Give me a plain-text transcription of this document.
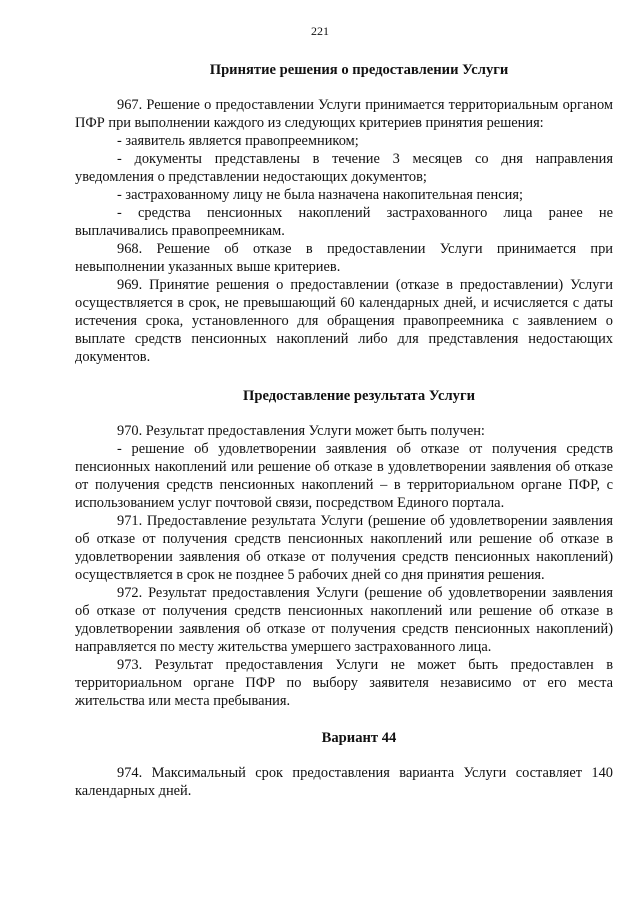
221
Принятие решения о предоставлении Услуги

967. Решение о предоставлении Услуги принимается территориальным органом ПФР при выполнении каждого из следующих критериев принятия решения:

- заявитель является правопреемником;

- документы представлены в течение 3 месяцев со дня направления уведомления о представлении недостающих документов;

- застрахованному лицу не была назначена накопительная пенсия;

- средства пенсионных накоплений застрахованного лица ранее не выплачивались правопреемникам.

968. Решение об отказе в предоставлении Услуги принимается при невыполнении указанных выше критериев.

969. Принятие решения о предоставлении (отказе в предоставлении) Услуги осуществляется в срок, не превышающий 60 календарных дней, и исчисляется с даты истечения срока, установленного для обращения правопреемника с заявлением о выплате средств пенсионных накоплений либо для представления недостающих документов.

Предоставление результата Услуги

970. Результат предоставления Услуги может быть получен:

- решение об удовлетворении заявления об отказе от получения средств пенсионных накоплений или решение об отказе в удовлетворении заявления об отказе от получения средств пенсионных накоплений – в территориальном органе ПФР, с использованием услуг почтовой связи, посредством Единого портала.

971. Предоставление результата Услуги (решение об удовлетворении заявления об отказе от получения средств пенсионных накоплений или решение об отказе в удовлетворении заявления об отказе от получения средств пенсионных накоплений) осуществляется в срок не позднее 5 рабочих дней со дня принятия решения.

972. Результат предоставления Услуги (решение об удовлетворении заявления об отказе от получения средств пенсионных накоплений или решение об отказе в удовлетворении заявления об отказе от получения средств пенсионных накоплений) направляется по месту жительства умершего застрахованного лица.

973. Результат предоставления Услуги не может быть предоставлен в территориальном органе ПФР по выбору заявителя независимо от его места жительства или места пребывания.

Вариант 44

974. Максимальный срок предоставления варианта Услуги составляет 140 календарных дней.
